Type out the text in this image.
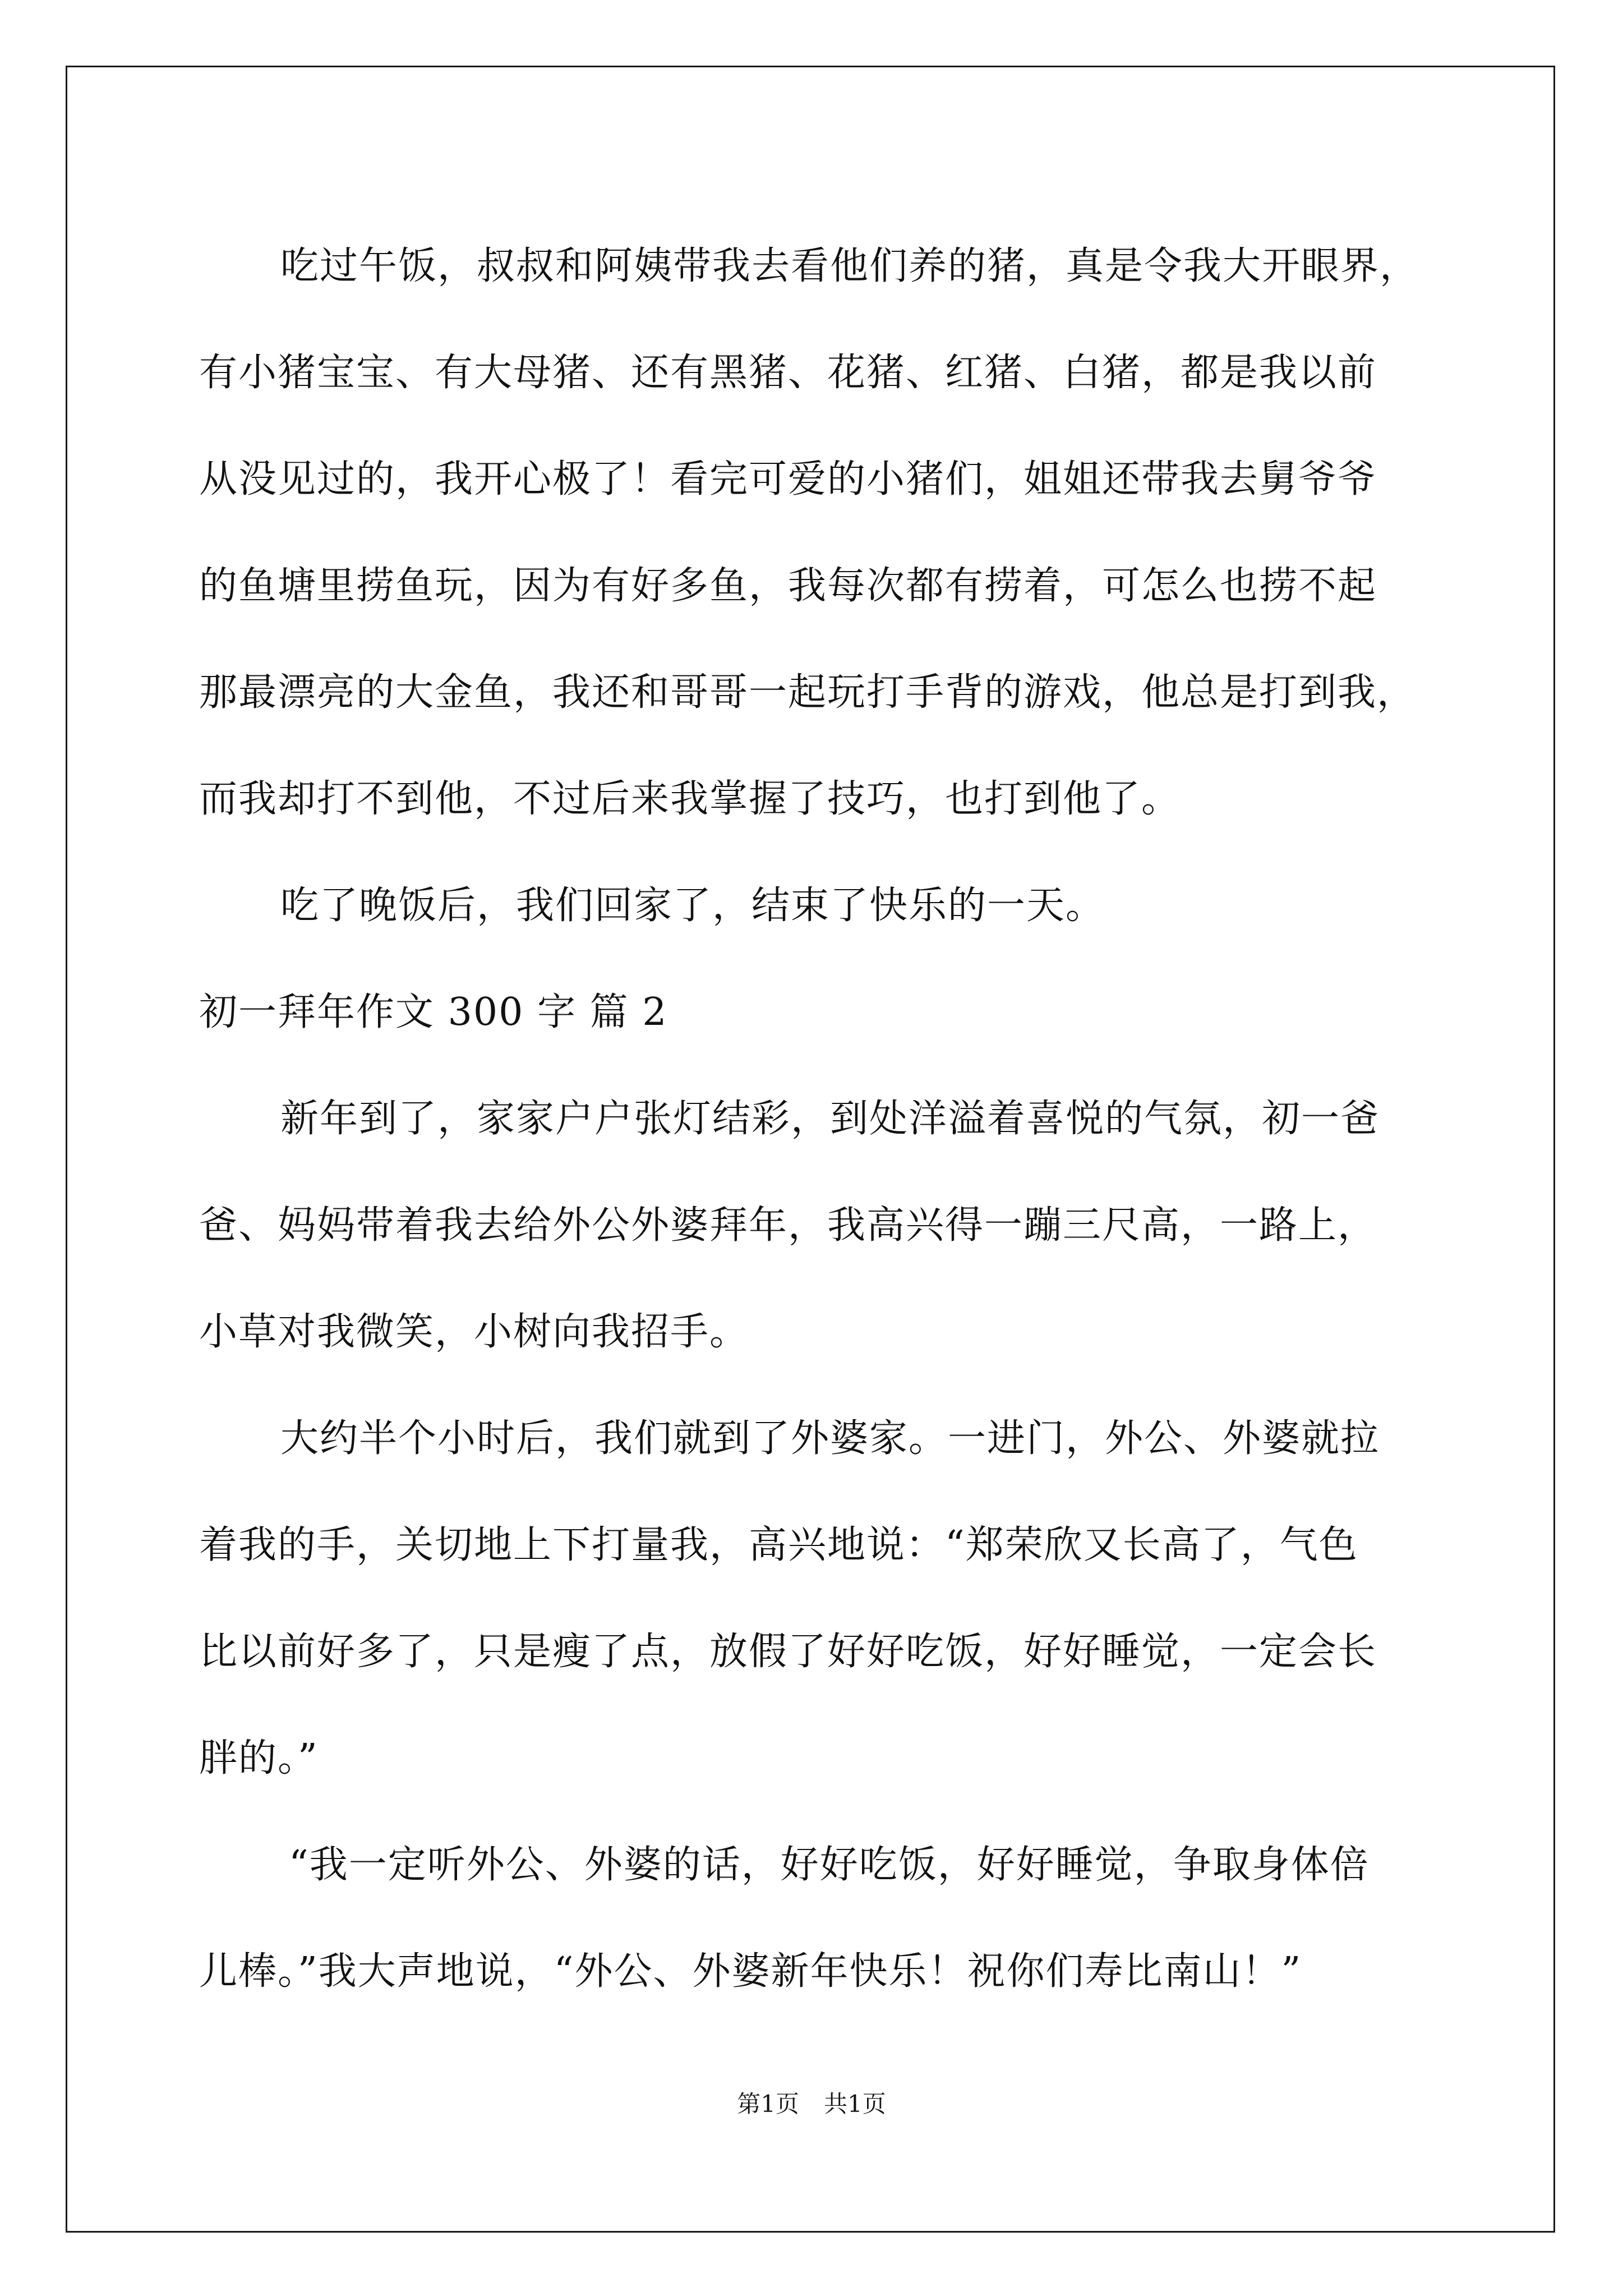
吃过午饭，叔叔和阿姨带我去看他们养的猪，真是令我大开眼界，
有小猪宝宝、有大母猪、还有黑猪、花猪、红猪、白猪，都是我以前
从没见过的，我开心极了！看完可爱的小猪们，姐姐还带我去舅爷爷
的鱼塘里捞鱼玩，因为有好多鱼，我每次都有捞着，可怎么也捞不起
那最漂亮的大金鱼，我还和哥哥一起玩打手背的游戏，他总是打到我，
而我却打不到他，不过后来我掌握了技巧，也打到他了。
吃了晚饭后，我们回家了，结束了快乐的一天。
初一拜年作文 300 字 篇 2
新年到了，家家户户张灯结彩，到处洋溢着喜悦的气氛，初一爸
爸、妈妈带着我去给外公外婆拜年，我高兴得一蹦三尺高，一路上，
小草对我微笑，小树向我招手。
大约半个小时后，我们就到了外婆家。一进门，外公、外婆就拉
着我的手，关切地上下打量我，高兴地说：“郑荣欣又长高了，气色
比以前好多了，只是瘦了点，放假了好好吃饭，好好睡觉，一定会长
胖的。”
“我一定听外公、外婆的话，好好吃饭，好好睡觉，争取身体倍
儿棒。”我大声地说，“外公、外婆新年快乐！祝你们寿比南山！”
第1页 共1页
